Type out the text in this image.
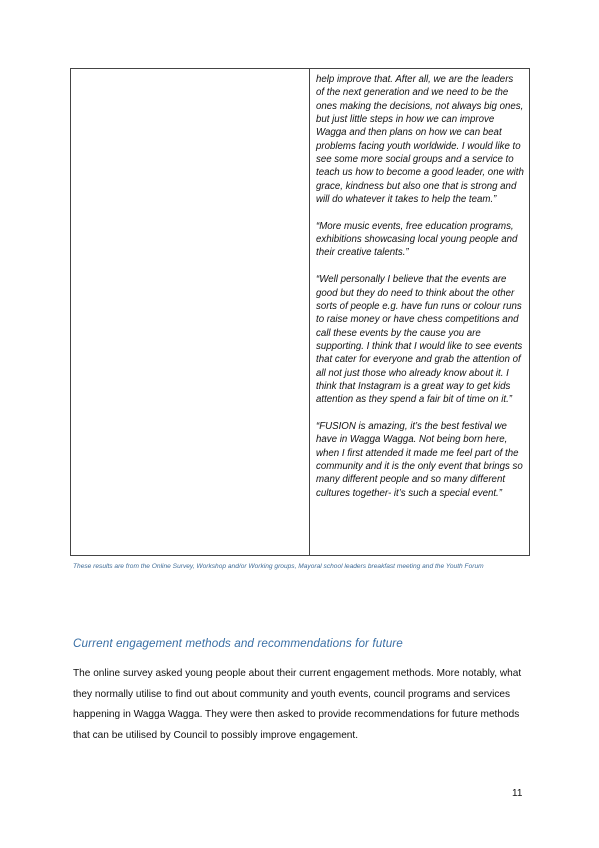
help improve that. After all, we are the leaders of the next generation and we need to be the ones making the decisions, not always big ones, but just little steps in how we can improve Wagga and then plans on how we can beat problems facing youth worldwide. I would like to see some more social groups and a service to teach us how to become a good leader, one with grace, kindness but also one that is strong and will do whatever it takes to help the team.”

“More music events, free education programs, exhibitions showcasing local young people and their creative talents.”

“Well personally I believe that the events are good but they do need to think about the other sorts of people e.g. have fun runs or colour runs to raise money or have chess competitions and call these events by the cause you are supporting. I think that I would like to see events that cater for everyone and grab the attention of all not just those who already know about it. I think that Instagram is a great way to get kids attention as they spend a fair bit of time on it.”

“FUSION is amazing, it’s the best festival we have in Wagga Wagga. Not being born here, when I first attended it made me feel part of the community and it is the only event that brings so many different people and so many different cultures together- it’s such a special event.”

These results are from the Online Survey, Workshop and/or Working groups, Mayoral school leaders breakfast meeting and the Youth Forum
Current engagement methods and recommendations for future
The online survey asked young people about their current engagement methods. More notably, what they normally utilise to find out about community and youth events, council programs and services happening in Wagga Wagga. They were then asked to provide recommendations for future methods that can be utilised by Council to possibly improve engagement.
11
